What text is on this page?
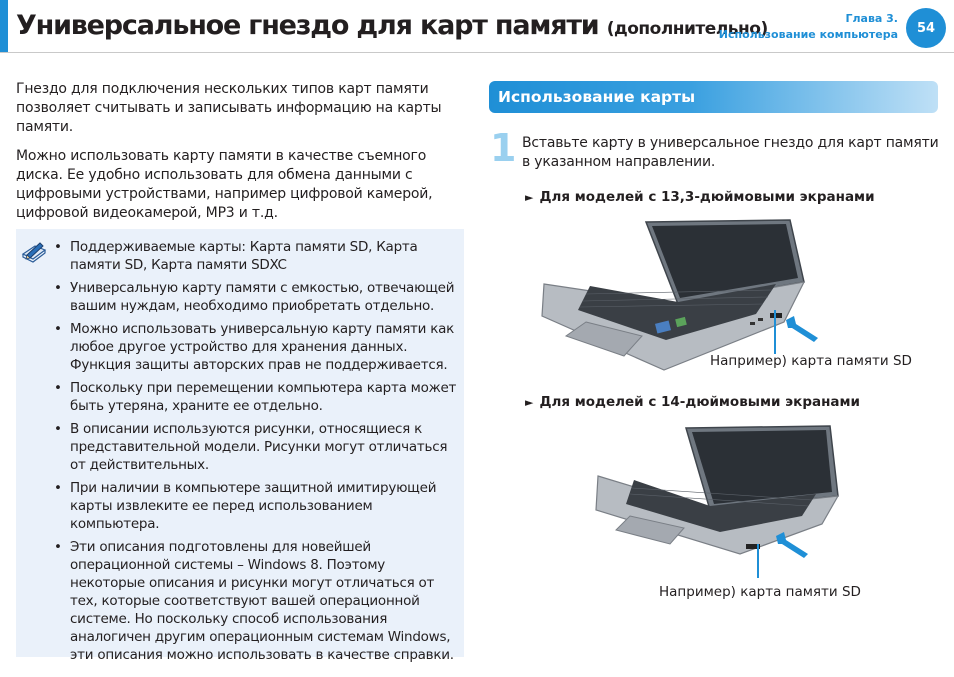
Универсальное гнездо для карт памяти (дополнительно)
Глава 3.
Использование компьютера	54

Гнездо для подключения нескольких типов карт памяти позволяет считывать и записывать информацию на карты памяти.

Можно использовать карту памяти в качестве съемного диска. Ее удобно использовать для обмена данными с цифровыми устройствами, например цифровой камерой, цифровой видеокамерой, MP3 и т.д.

• Поддерживаемые карты: Карта памяти SD, Карта памяти SD, Карта памяти SDXC
• Универсальную карту памяти с емкостью, отвечающей вашим нуждам, необходимо приобретать отдельно.
• Можно использовать универсальную карту памяти как любое другое устройство для хранения данных. Функция защиты авторских прав не поддерживается.
• Поскольку при перемещении компьютера карта может быть утеряна, храните ее отдельно.
• В описании используются рисунки, относящиеся к представительной модели. Рисунки могут отличаться от действительных.
• При наличии в компьютере защитной имитирующей карты извлеките ее перед использованием компьютера.
• Эти описания подготовлены для новейшей операционной системы – Windows 8. Поэтому некоторые описания и рисунки могут отличаться от тех, которые соответствуют вашей операционной системе. Но поскольку способ использования аналогичен другим операционным системам Windows, эти описания можно использовать в качестве справки.
Использование карты
1 Вставьте карту в универсальное гнездо для карт памяти в указанном направлении.

► Для моделей с 13,3-дюймовыми экранами
Например) карта памяти SD
► Для моделей с 14-дюймовыми экранами
Например) карта памяти SD
